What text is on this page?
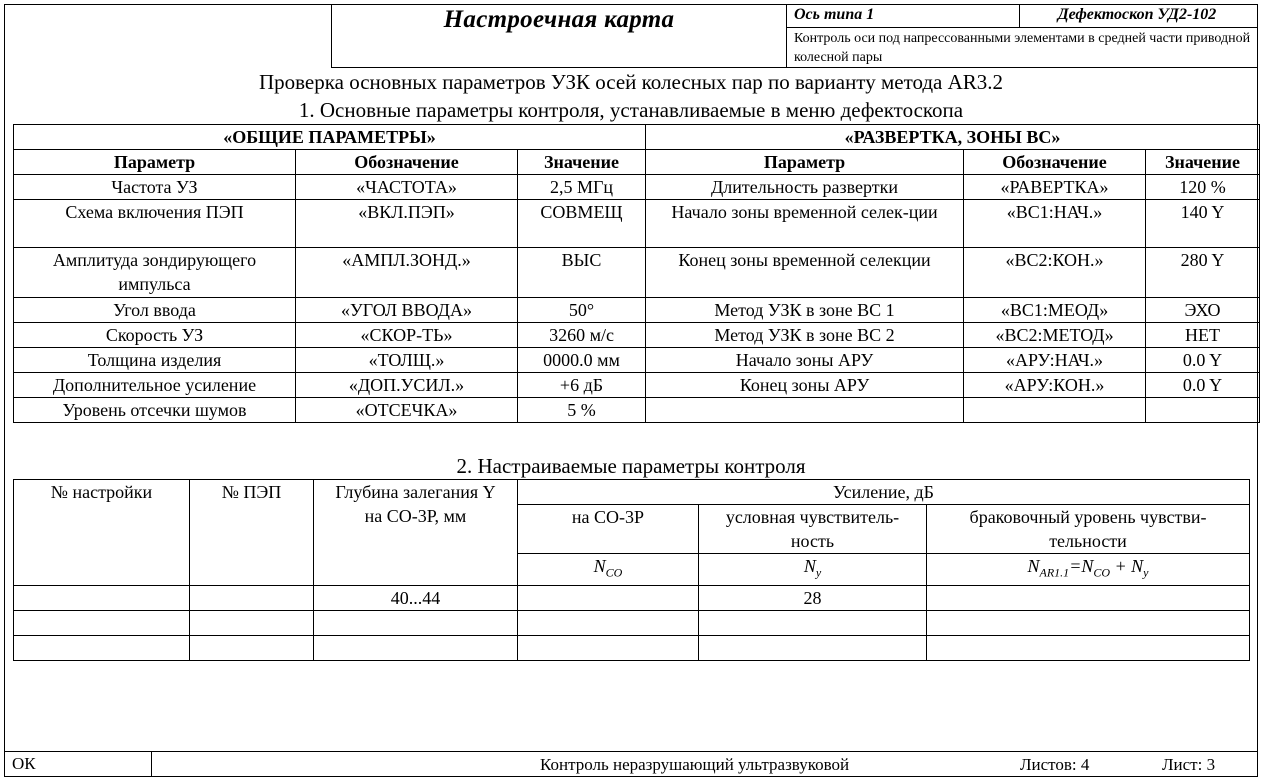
Настроечная карта	Ось типа 1	Дефектоскоп УД2-102
Контроль оси под напрессованными элементами в средней части приводной колесной пары
Проверка основных параметров УЗК осей колесных пар по варианту метода AR3.2
1. Основные параметры контроля, устанавливаемые в меню дефектоскопа
«ОБЩИЕ ПАРАМЕТРЫ»			«РАЗВЕРТКА, ЗОНЫ ВС»		
Параметр	Обозначение	Значение	Параметр	Обозначение	Значение
Частота УЗ	«ЧАСТОТА»	2,5 МГц	Длительность развертки	«РАВЕРТКА»	120 %
Схема включения ПЭП	«ВКЛ.ПЭП»	СОВМЕЩ	Начало зоны временной селек-ции	«ВС1:НАЧ.»	140 Y
Амплитуда зондирующего импульса	«АМПЛ.ЗОНД.»	ВЫС	Конец зоны временной селекции	«ВС2:КОН.»	280 Y
Угол ввода	«УГОЛ ВВОДА»	50°	Метод УЗК в зоне ВС 1	«ВС1:МЕОД»	ЭХО
Скорость УЗ	«СКОР-ТЬ»	3260 м/с	Метод УЗК в зоне ВС 2	«ВС2:МЕТОД»	НЕТ
Толщина изделия	«ТОЛЩ.»	0000.0 мм	Начало зоны АРУ	«АРУ:НАЧ.»	0.0 Y
Дополнительное усиление	«ДОП.УСИЛ.»	+6 дБ	Конец зоны АРУ	«АРУ:КОН.»	0.0 Y
Уровень отсечки шумов	«ОТСЕЧКА»	5 %			
2. Настраиваемые параметры контроля
№ настройки	№ ПЭП	Глубина залегания Y на СО-3Р, мм	Усиление, дБ		
			на СО-3Р	условная чувствитель-ность	браковочный уровень чувстви-тельности
			$N_{CO}$	$N_y$	$N_{AR1.1}=N_{CO} + N_y$
		40...44		28	

ОК	Контроль неразрушающий ультразвуковой	Листов: 4	Лист: 3
